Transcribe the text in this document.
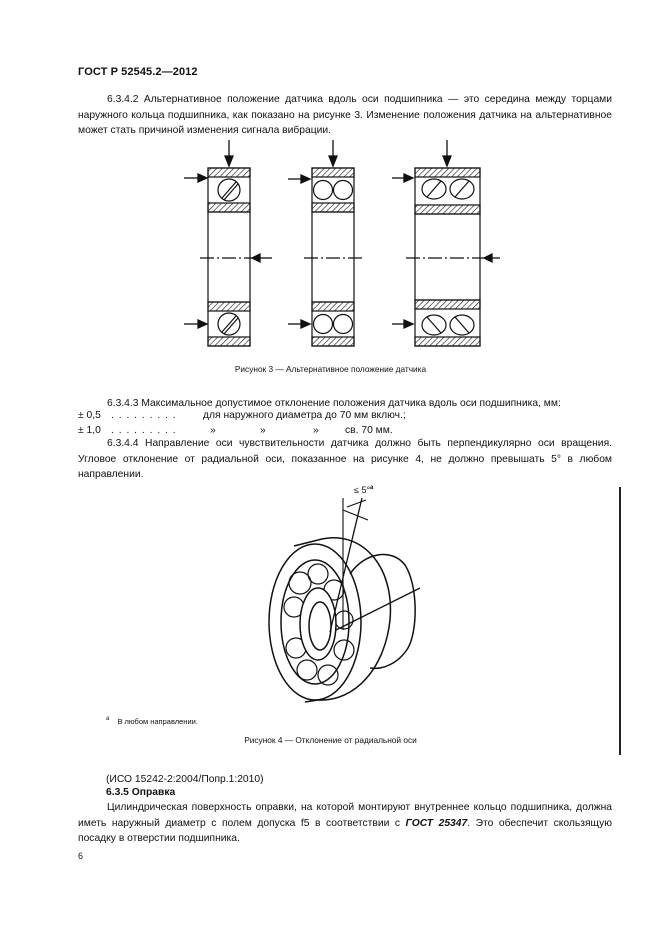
ГОСТ Р 52545.2—2012
6.3.4.2 Альтернативное положение датчика вдоль оси подшипника — это середина между торцами наружного кольца подшипника, как показано на рисунке 3. Изменение положения датчика на альтернативное может стать причиной изменения сигнала вибрации.
Рисунок 3 — Альтернативное положение датчика
6.3.4.3 Максимальное допустимое отклонение положения датчика вдоль оси подшипника, мм:
± 0,5 . . . . . . . . .	для наружного диаметра до 70 мм включ.;
± 1,0 . . . . . . . . .	»	»	»	св. 70 мм.
6.3.4.4 Направление оси чувствительности датчика должно быть перпендикулярно оси вращения. Угловое отклонение от радиальной оси, показанное на рисунке 4, не должно превышать 5° в любом направлении.
≤ 5°$^a$
$^a$ В любом направлении.
Рисунок 4 — Отклонение от радиальной оси
(ИСО 15242-2:2004/Попр.1:2010)
6.3.5 Оправка
Цилиндрическая поверхность оправки, на которой монтируют внутреннее кольцо подшипника, должна иметь наружный диаметр с полем допуска f5 в соответствии с ГОСТ 25347. Это обеспечит скользящую посадку в отверстии подшипника.
6
